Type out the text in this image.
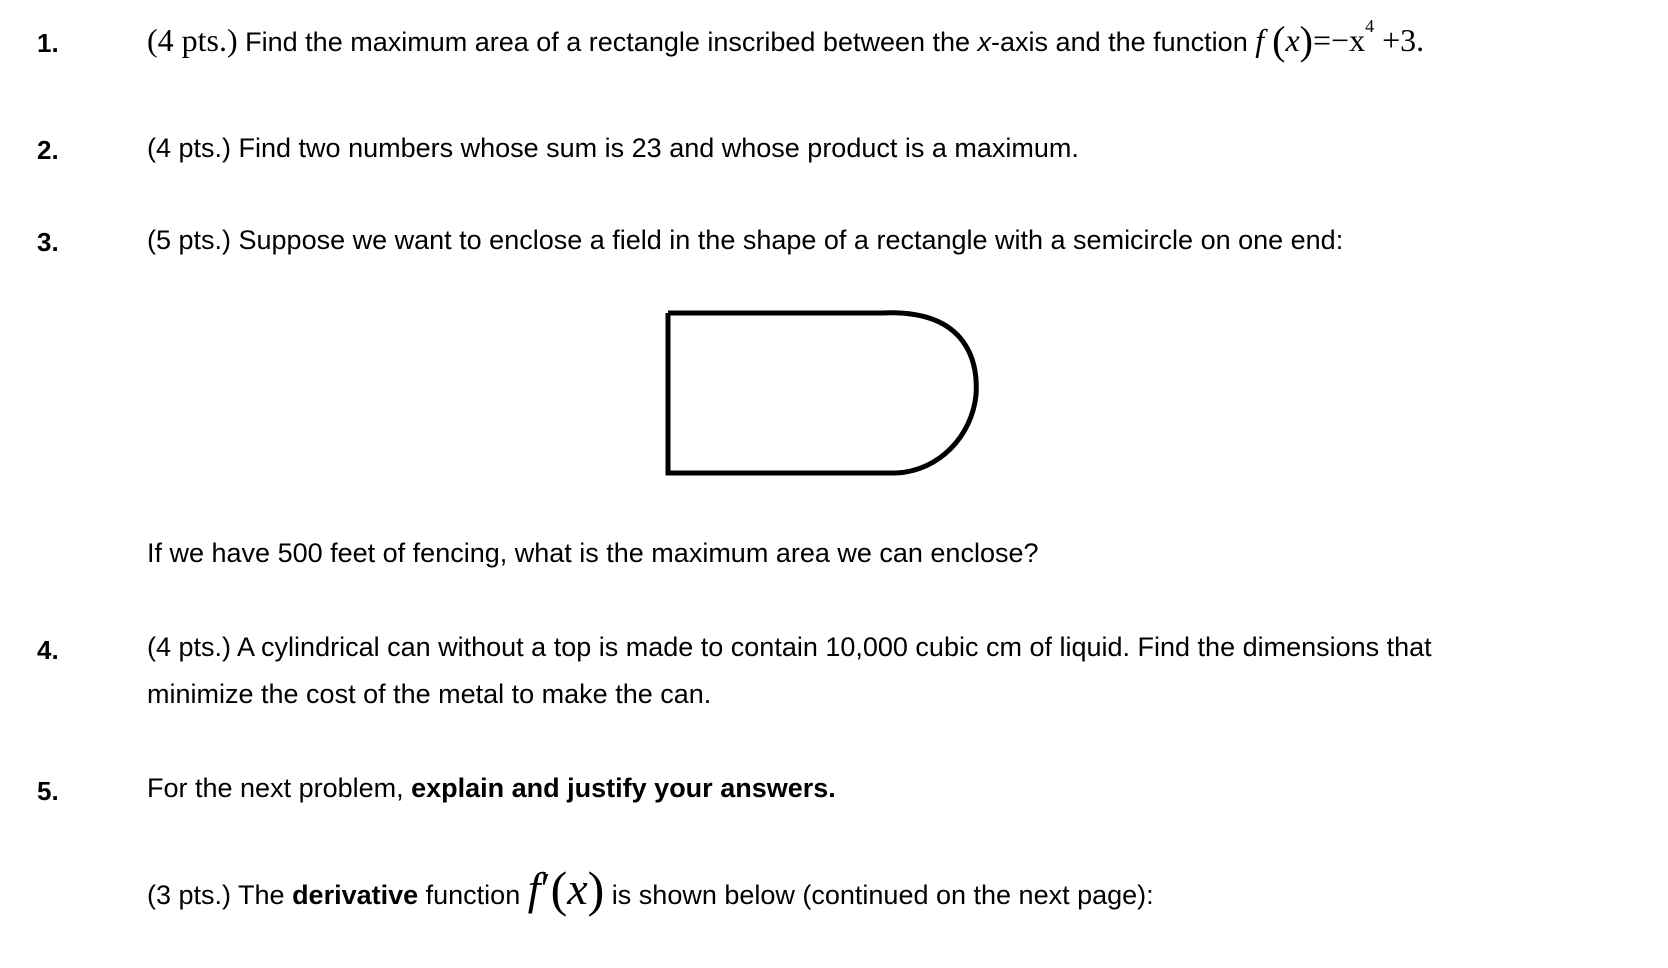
1.	(4 pts.) Find the maximum area of a rectangle inscribed between the x-axis and the function f $(x)=-x^4 +3$.
2.	(4 pts.) Find two numbers whose sum is 23 and whose product is a maximum.
3.	(5 pts.) Suppose we want to enclose a field in the shape of a rectangle with a semicircle on one end:
If we have 500 feet of fencing, what is the maximum area we can enclose?
4.	(4 pts.) A cylindrical can without a top is made to contain 10,000 cubic cm of liquid. Find the dimensions that
minimize the cost of the metal to make the can.
5.	For the next problem, explain and justify your answers.
(3 pts.) The derivative function f′(x) is shown below (continued on the next page):
